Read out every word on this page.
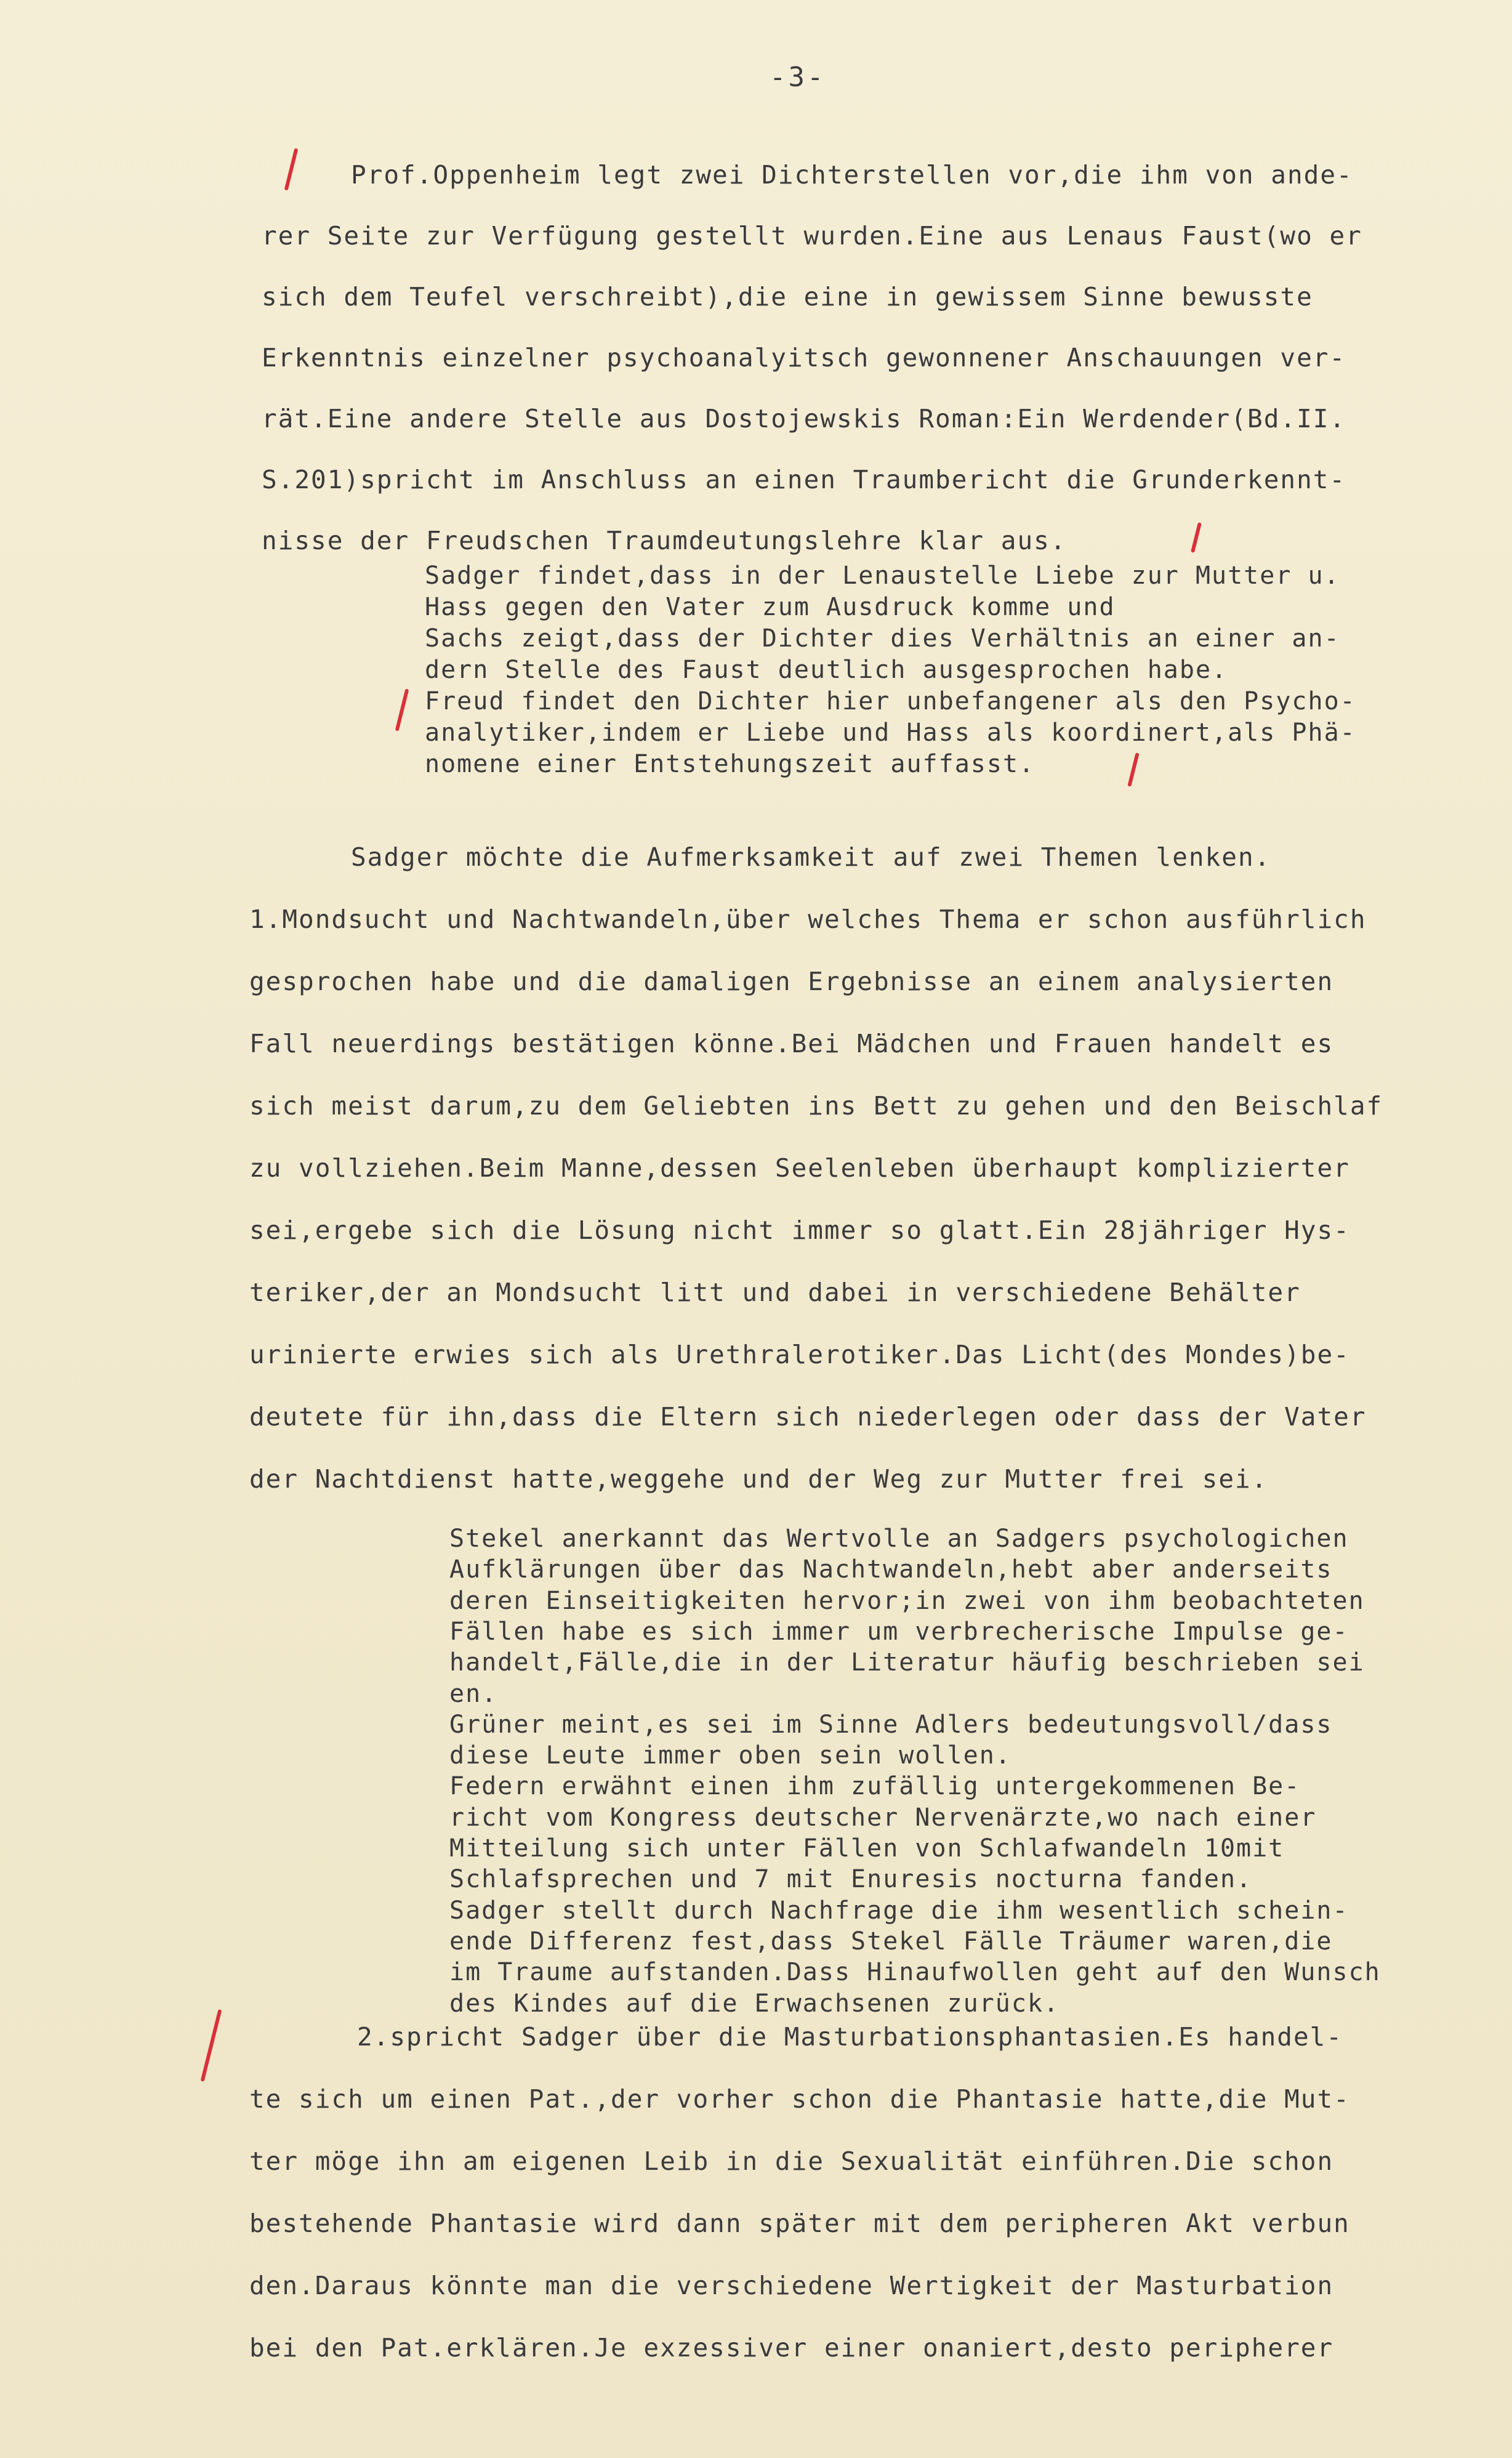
-3-
Prof.Oppenheim legt zwei Dichterstellen vor,die ihm von ande-
rer Seite zur Verfügung gestellt wurden.Eine aus Lenaus Faust(wo er
sich dem Teufel verschreibt),die eine in gewissem Sinne bewusste
Erkenntnis einzelner psychoanalyitsch gewonnener Anschauungen ver-
rät.Eine andere Stelle aus Dostojewskis Roman:Ein Werdender(Bd.II.
S.201)spricht im Anschluss an einen Traumbericht die Grunderkennt-
nisse der Freudschen Traumdeutungslehre klar aus.
Sadger findet,dass in der Lenaustelle Liebe zur Mutter u.
Hass gegen den Vater zum Ausdruck komme und
Sachs zeigt,dass der Dichter dies Verhältnis an einer an-
dern Stelle des Faust deutlich ausgesprochen habe.
Freud findet den Dichter hier unbefangener als den Psycho-
analytiker,indem er Liebe und Hass als koordinert,als Phä-
nomene einer Entstehungszeit auffasst.
Sadger möchte die Aufmerksamkeit auf zwei Themen lenken.
1.Mondsucht und Nachtwandeln,über welches Thema er schon ausführlich
gesprochen habe und die damaligen Ergebnisse an einem analysierten
Fall neuerdings bestätigen könne.Bei Mädchen und Frauen handelt es
sich meist darum,zu dem Geliebten ins Bett zu gehen und den Beischlaf
zu vollziehen.Beim Manne,dessen Seelenleben überhaupt komplizierter
sei,ergebe sich die Lösung nicht immer so glatt.Ein 28jähriger Hys-
teriker,der an Mondsucht litt und dabei in verschiedene Behälter
urinierte erwies sich als Urethralerotiker.Das Licht(des Mondes)be-
deutete für ihn,dass die Eltern sich niederlegen oder dass der Vater
der Nachtdienst hatte,weggehe und der Weg zur Mutter frei sei.
Stekel anerkannt das Wertvolle an Sadgers psychologichen
Aufklärungen über das Nachtwandeln,hebt aber anderseits
deren Einseitigkeiten hervor;in zwei von ihm beobachteten
Fällen habe es sich immer um verbrecherische Impulse ge-
handelt,Fälle,die in der Literatur häufig beschrieben sei
en.
Grüner meint,es sei im Sinne Adlers bedeutungsvoll/dass
diese Leute immer oben sein wollen.
Federn erwähnt einen ihm zufällig untergekommenen Be-
richt vom Kongress deutscher Nervenärzte,wo nach einer
Mitteilung sich unter Fällen von Schlafwandeln 10mit
Schlafsprechen und 7 mit Enuresis nocturna fanden.
Sadger stellt durch Nachfrage die ihm wesentlich schein-
ende Differenz fest,dass Stekel Fälle Träumer waren,die
im Traume aufstanden.Dass Hinaufwollen geht auf den Wunsch
des Kindes auf die Erwachsenen zurück.
2.spricht Sadger über die Masturbationsphantasien.Es handel-
te sich um einen Pat.,der vorher schon die Phantasie hatte,die Mut-
ter möge ihn am eigenen Leib in die Sexualität einführen.Die schon
bestehende Phantasie wird dann später mit dem peripheren Akt verbun
den.Daraus könnte man die verschiedene Wertigkeit der Masturbation
bei den Pat.erklären.Je exzessiver einer onaniert,desto peripherer
